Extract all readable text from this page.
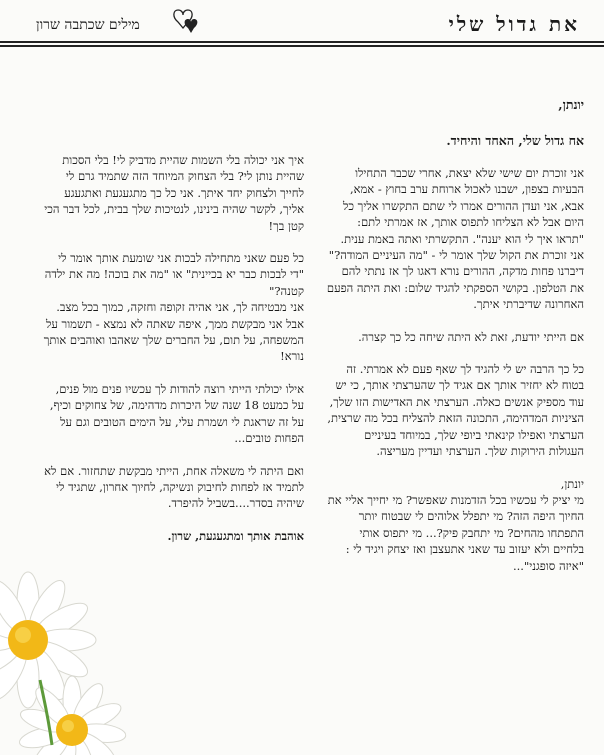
את גדול שלי
מילים שכתבה שרון
יונתן,
אח גדול שלי, האחד והיחיד.

אני זוכרת יום שישי שלא יצאת, אחרי שכבר התחילו הבעיות בצפון, ישבנו לאכול ארוחת ערב בחוץ - אמא, אבא, אני ועדן ההורים אמרו לי שתם התקשרו אליך כל היום אבל לא הצליחו לתפוס אותך, אז אמרתי לתם: "תראו איך לי הוא יענה". התקשרתי ואתה באמת ענית. אני זוכרת את הקול שלך אומר לי - "מה העיניים המודה?" דיברנו פחות מדקה, ההורים נורא דאגו לך אז נתתי להם את הטלפון. בקושי הספקתי להגיד שלום: ואת היתה הפעם האחרונה שדיברתי איתך.

אם הייתי יודעת, זאת לא היתה שיחה כל כך קצרה.

כל כך הרבה יש לי להגיד לך שאף פעם לא אמרתי. זה בטוח לא יחזיר אותך אם אגיד לך שהערצתי אותך, כי יש עוד מספיק אנשים כאלה. הערצתי את האדישות הזו שלך, הציניות המדהימה, התכונה הזאת להצליח בכל מה שרצית, הערצתי ואפילו קינאתי ביופי שלך, במיוחד בעיניים העגולות הירוקות שלך. הערצתי ועדיין מעריצה.

יונתן,

מי יציק לי עכשיו בכל הזדמנות שאפשר? מי יחייך אליי את החיוך היפה הזה? מי יתפלל אלוהים לי שבטוח יותר התפתחו מהחים? מי יתחבק פיק?... מי יתפוס אותי בלחיים ולא יעזוב עד שאני אתעצבן ואז יצחק ויגיד לי : "איזה סופגני"...

איך אני יכולה בלי השמות שהיית מדביק לי! בלי הסכות שהיית נותן לי? בלי הצחוק המיוחד הזה שתמיד גרם לי לחייך ולצחוק יחד איתך. אני כל כך מתגעגעת ואתגעגע אליך, לקשר שהיה בינינו, לנטיכות שלך בבית, לכל דבר הכי קטן בך!

כל פעם שאני מתחילה לבכות אני שומעת אותך אומר לי "די לבכות כבר יא בכיינית" או "מה את בוכה! מה את ילדה קטנה?"

אני מבטיחה לך, אני אהיה זקופה וחזקה, כמוך בכל מצב. אבל אני מבקשת ממך, איפה שאתה לא נמצא - תשמור על המשפחה, על תום, על החברים שלך שאהבו ואוהבים אותך נורא!

אילו יכולתי הייתי רוצה להודות לך עכשיו פנים מול פנים, על כמעט 18 שנה של היכרות מדהימה, של צחוקים וכיף, על זה שראגת לי ושמרת עלי, על הימים הטובים וגם על הפחות טובים...

ואם היתה לי משאלה אחת, הייתי מבקשת שתחזור. אם לא לתמיד אז לפחות לחיבוק ונשיקה, לחיוך אחרון, שתגיד לי שיהיה בסדר....בשביל להיפרד.

אוהבת אותך ומתגעגעת, שרון.
